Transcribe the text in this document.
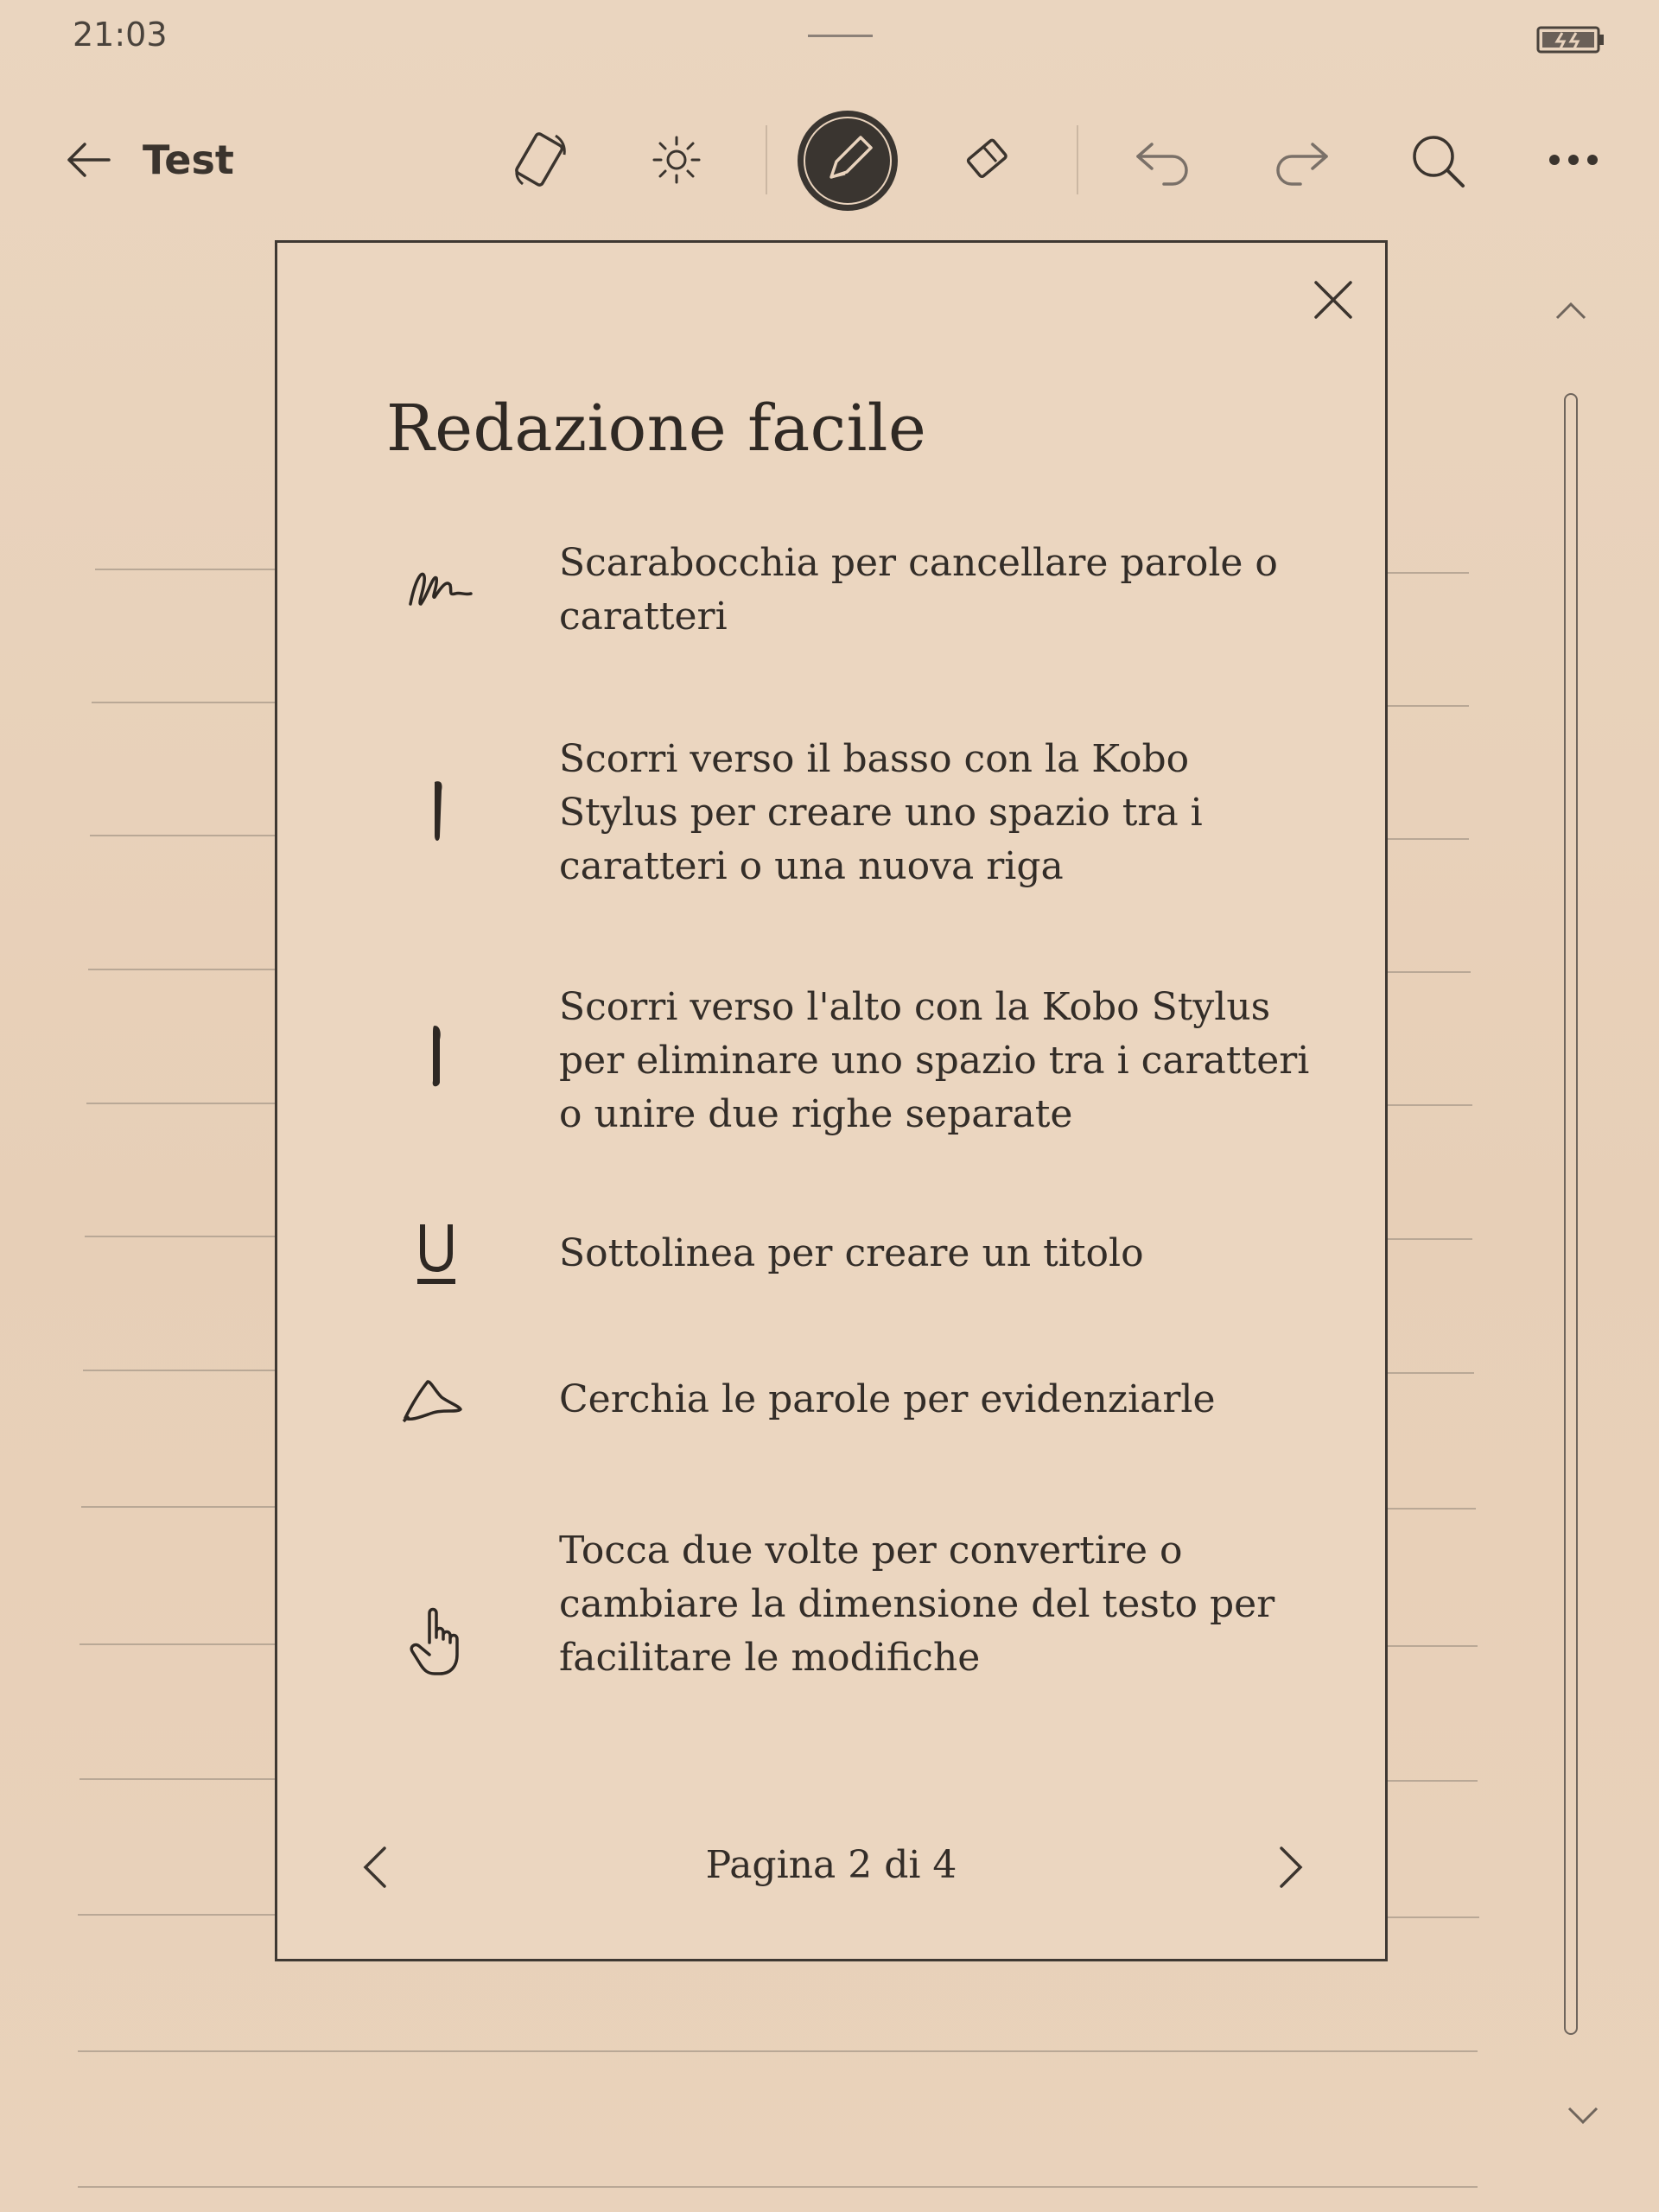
21:03
Test
Redazione facile
Scarabocchia per cancellare parole o caratteri
Scorri verso il basso con la Kobo Stylus per creare uno spazio tra i caratteri o una nuova riga
Scorri verso l'alto con la Kobo Stylus per eliminare uno spazio tra i caratteri o unire due righe separate
Sottolinea per creare un titolo
Cerchia le parole per evidenziarle
Tocca due volte per convertire o cambiare la dimensione del testo per facilitare le modifiche
Pagina 2 di 4
